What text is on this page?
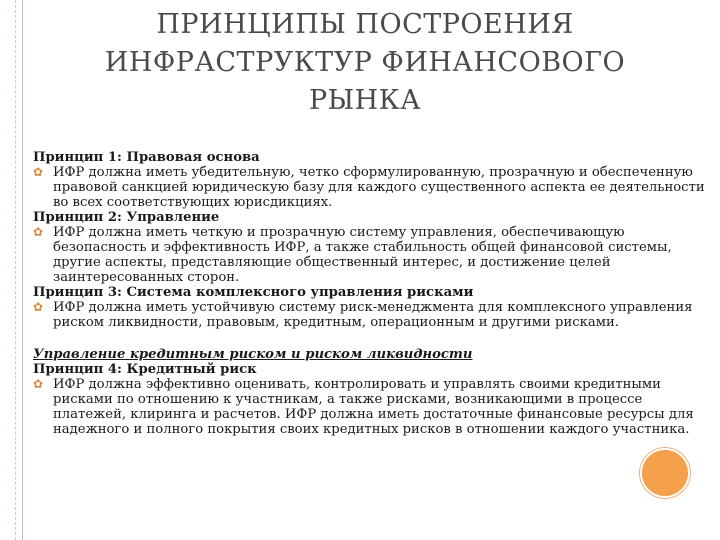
ПРИНЦИПЫ ПОСТРОЕНИЯ
ИНФРАСТРУКТУР ФИНАНСОВОГО
РЫНКА
Принцип 1: Правовая основа
✿ ИФР должна иметь убедительную, четко сформулированную, прозрачную и обеспеченную правовой санкцией юридическую базу для каждого существенного аспекта ее деятельности во всех соответствующих юрисдикциях.
Принцип 2: Управление
✿ ИФР должна иметь четкую и прозрачную систему управления, обеспечивающую безопасность и эффективность ИФР, а также стабильность общей финансовой системы, другие аспекты, представляющие общественный интерес, и достижение целей заинтересованных сторон.
Принцип 3: Система комплексного управления рисками
✿ ИФР должна иметь устойчивую систему риск-менеджмента для комплексного управления риском ликвидности, правовым, кредитным, операционным и другими рисками.
Управление кредитным риском и риском ликвидности
Принцип 4: Кредитный риск
✿ ИФР должна эффективно оценивать, контролировать и управлять своими кредитными рисками по отношению к участникам, а также рисками, возникающими в процессе платежей, клиринга и расчетов. ИФР должна иметь достаточные финансовые ресурсы для надежного и полного покрытия своих кредитных рисков в отношении каждого участника.
